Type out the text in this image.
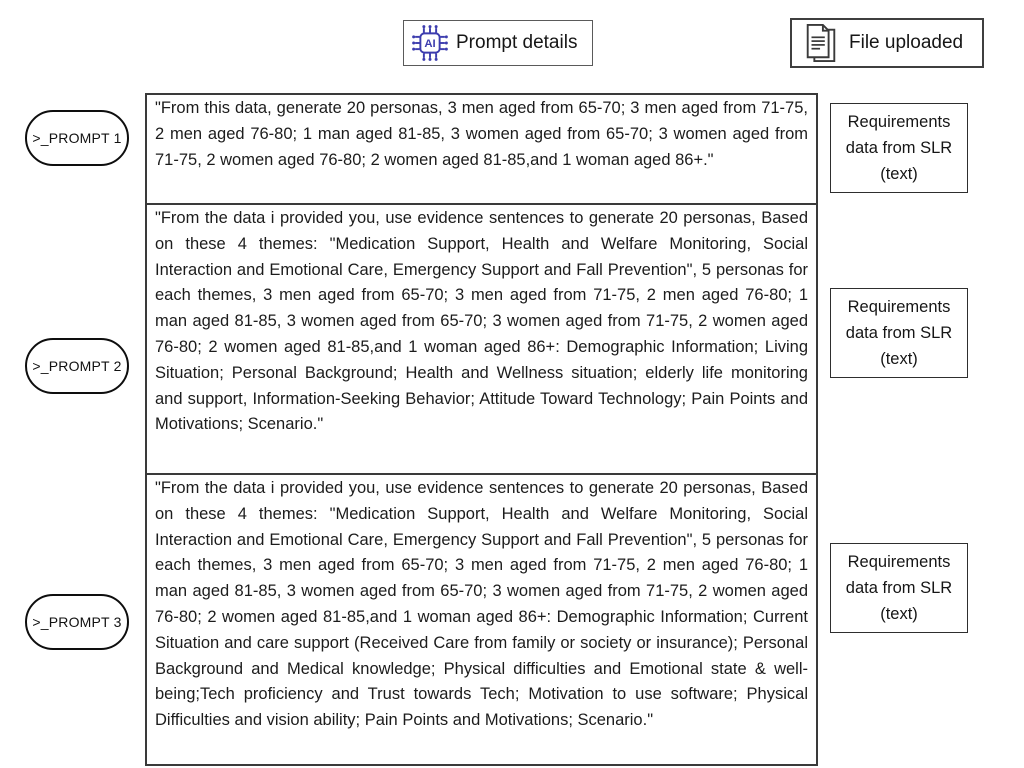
AI Prompt details	File uploaded
>_PROMPT 1

"From this data, generate 20 personas, 3 men aged from 65-70; 3 men aged from 71-75, 2 men aged 76-80; 1 man aged 81-85, 3 women aged from 65-70; 3 women aged from 71-75, 2 women aged 76-80; 2 women aged 81-85,and 1 woman aged 86+."

Requirements data from SLR (text)
>_PROMPT 2

"From the data i provided you, use evidence sentences to generate 20 personas, Based on these 4 themes: "Medication Support, Health and Welfare Monitoring, Social Interaction and Emotional Care, Emergency Support and Fall Prevention", 5 personas for each themes, 3 men aged from 65-70; 3 men aged from 71-75, 2 men aged 76-80; 1 man aged 81-85, 3 women aged from 65-70; 3 women aged from 71-75, 2 women aged 76-80; 2 women aged 81-85,and 1 woman aged 86+: Demographic Information; Living Situation; Personal Background; Health and Wellness situation; elderly life monitoring and support, Information-Seeking Behavior; Attitude Toward Technology; Pain Points and Motivations; Scenario."

Requirements data from SLR (text)
>_PROMPT 3

"From the data i provided you, use evidence sentences to generate 20 personas, Based on these 4 themes: "Medication Support, Health and Welfare Monitoring, Social Interaction and Emotional Care, Emergency Support and Fall Prevention", 5 personas for each themes, 3 men aged from 65-70; 3 men aged from 71-75, 2 men aged 76-80; 1 man aged 81-85, 3 women aged from 65-70; 3 women aged from 71-75, 2 women aged 76-80; 2 women aged 81-85,and 1 woman aged 86+: Demographic Information; Current Situation and care support (Received Care from family or society or insurance); Personal Background and Medical knowledge; Physical difficulties and Emotional state & well-being;Tech proficiency and Trust towards Tech; Motivation to use software; Physical Difficulties and vision ability; Pain Points and Motivations; Scenario."

Requirements data from SLR (text)
